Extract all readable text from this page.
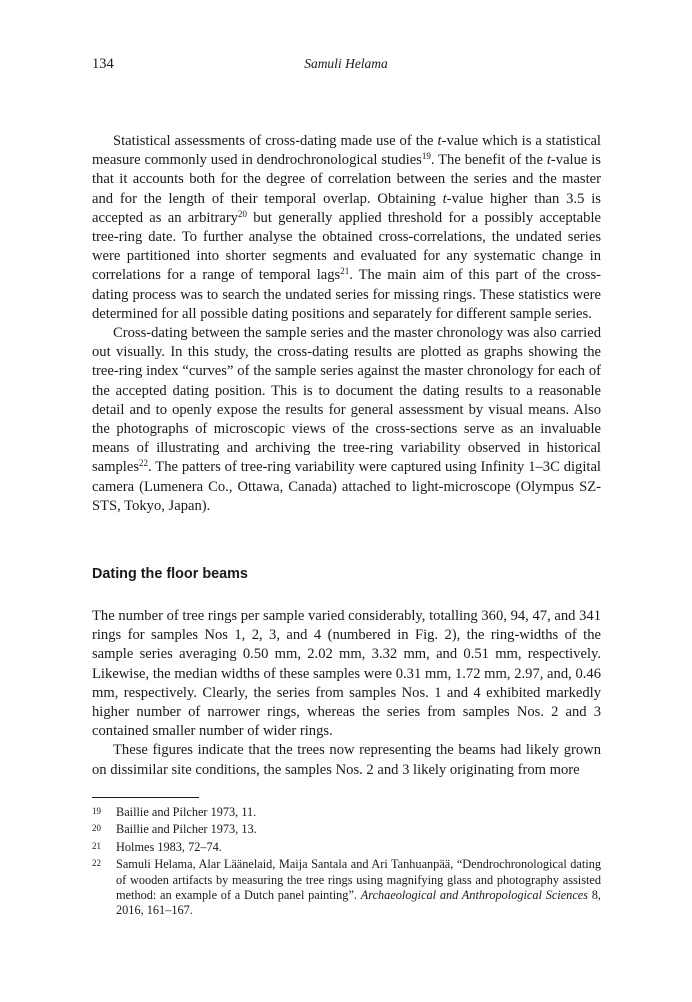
134	Samuli Helama

Statistical assessments of cross-dating made use of the t-value which is a statistical measure commonly used in dendrochronological studies$^{19}$. The benefit of the t-value is that it accounts both for the degree of correlation between the series and the master and for the length of their temporal overlap. Obtaining t-value higher than 3.5 is accepted as an arbitrary$^{20}$ but generally applied threshold for a possibly acceptable tree-ring date. To further analyse the obtained cross-correlations, the undated series were partitioned into shorter segments and evaluated for any systematic change in correlations for a range of temporal lags$^{21}$. The main aim of this part of the cross-dating process was to search the undated series for missing rings. These statistics were determined for all possible dating positions and separately for different sample series.

Cross-dating between the sample series and the master chronology was also carried out visually. In this study, the cross-dating results are plotted as graphs showing the tree-ring index “curves” of the sample series against the master chronology for each of the accepted dating position. This is to document the dating results to a reasonable detail and to openly expose the results for general assessment by visual means. Also the photographs of microscopic views of the cross-sections serve as an invaluable means of illustrating and archiving the tree-ring variability observed in historical samples$^{22}$. The patters of tree-ring variability were captured using Infinity 1–3C digital camera (Lumenera Co., Ottawa, Canada) attached to light-microscope (Olympus SZ-STS, Tokyo, Japan).

Dating the floor beams

The number of tree rings per sample varied considerably, totalling 360, 94, 47, and 341 rings for samples Nos 1, 2, 3, and 4 (numbered in Fig. 2), the ring-widths of the sample series averaging 0.50 mm, 2.02 mm, 3.32 mm, and 0.51 mm, respectively. Likewise, the median widths of these samples were 0.31 mm, 1.72 mm, 2.97, and, 0.46 mm, respectively. Clearly, the series from samples Nos. 1 and 4 exhibited markedly higher number of narrower rings, whereas the series from samples Nos. 2 and 3 contained smaller number of wider rings.

These figures indicate that the trees now representing the beams had likely grown on dissimilar site conditions, the samples Nos. 2 and 3 likely originating from more

19	Baillie and Pilcher 1973, 11.
20	Baillie and Pilcher 1973, 13.
21	Holmes 1983, 72–74.
22	Samuli Helama, Alar Läänelaid, Maija Santala and Ari Tanhuanpää, “Dendrochronological dating of wooden artifacts by measuring the tree rings using magnifying glass and photography assisted method: an example of a Dutch panel painting”. Archaeological and Anthropological Sciences 8, 2016, 161–167.
